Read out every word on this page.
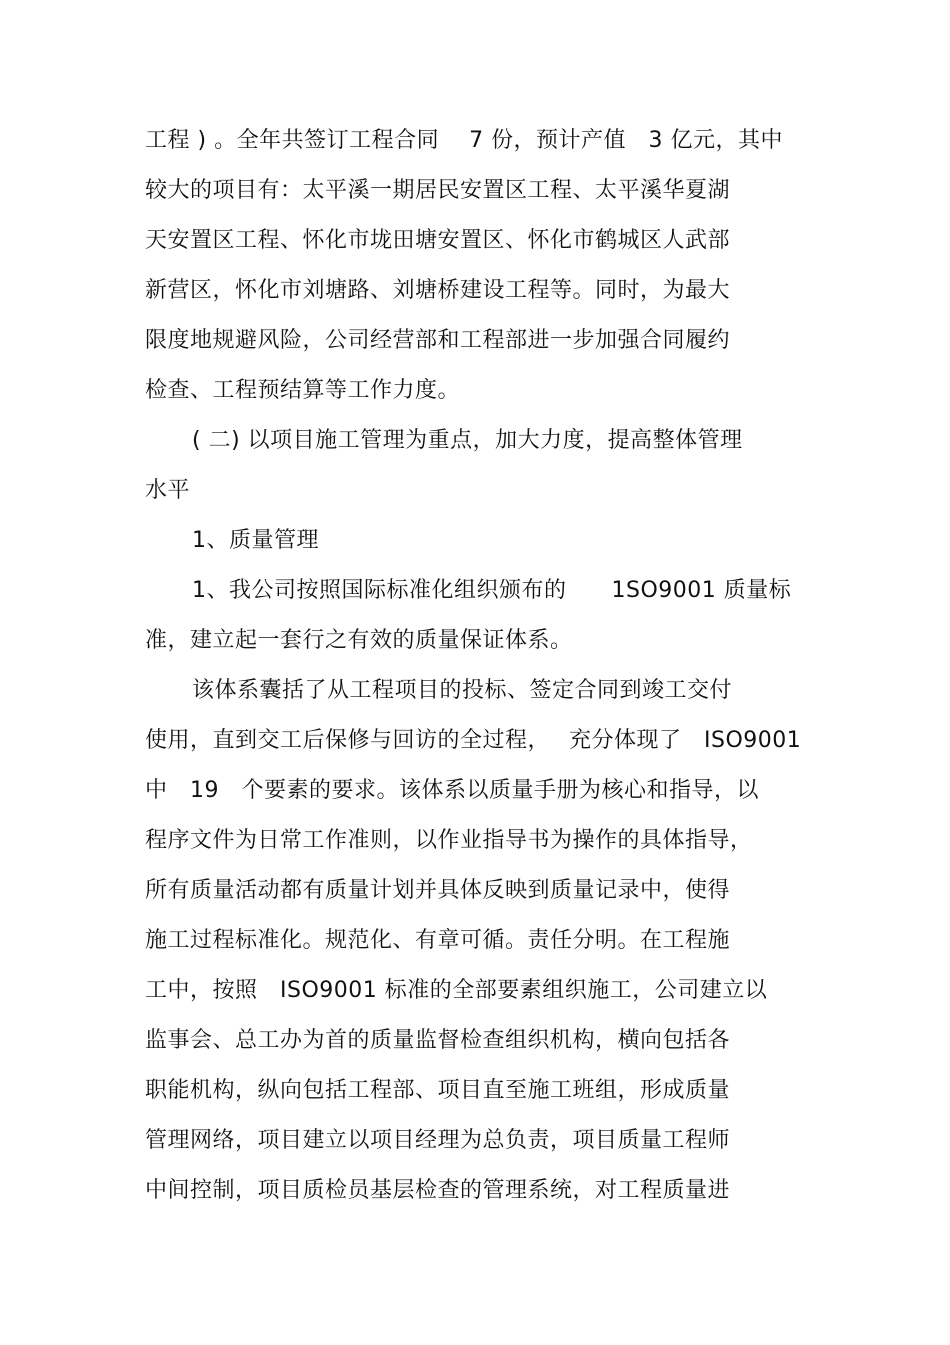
工程 ) 。全年共签订工程合同　 7 份，预计产值　3 亿元，其中
较大的项目有：太平溪一期居民安置区工程、太平溪华夏湖
天安置区工程、怀化市垅田塘安置区、怀化市鹤城区人武部
新营区，怀化市刘塘路、刘塘桥建设工程等。同时，为最大
限度地规避风险，公司经营部和工程部进一步加强合同履约
检查、工程预结算等工作力度。
( 二) 以项目施工管理为重点，加大力度，提高整体管理
水平
1、质量管理
1、我公司按照国际标准化组织颁布的　　1SO9001 质量标
准，建立起一套行之有效的质量保证体系。
该体系囊括了从工程项目的投标、签定合同到竣工交付
使用，直到交工后保修与回访的全过程，　 充分体现了　ISO9001
中　19　个要素的要求。该体系以质量手册为核心和指导，以
程序文件为日常工作准则，以作业指导书为操作的具体指导，
所有质量活动都有质量计划并具体反映到质量记录中，使得
施工过程标准化。规范化、有章可循。责任分明。在工程施
工中，按照　ISO9001 标准的全部要素组织施工，公司建立以
监事会、总工办为首的质量监督检查组织机构，横向包括各
职能机构，纵向包括工程部、项目直至施工班组，形成质量
管理网络，项目建立以项目经理为总负责，项目质量工程师
中间控制，项目质检员基层检查的管理系统，对工程质量进
